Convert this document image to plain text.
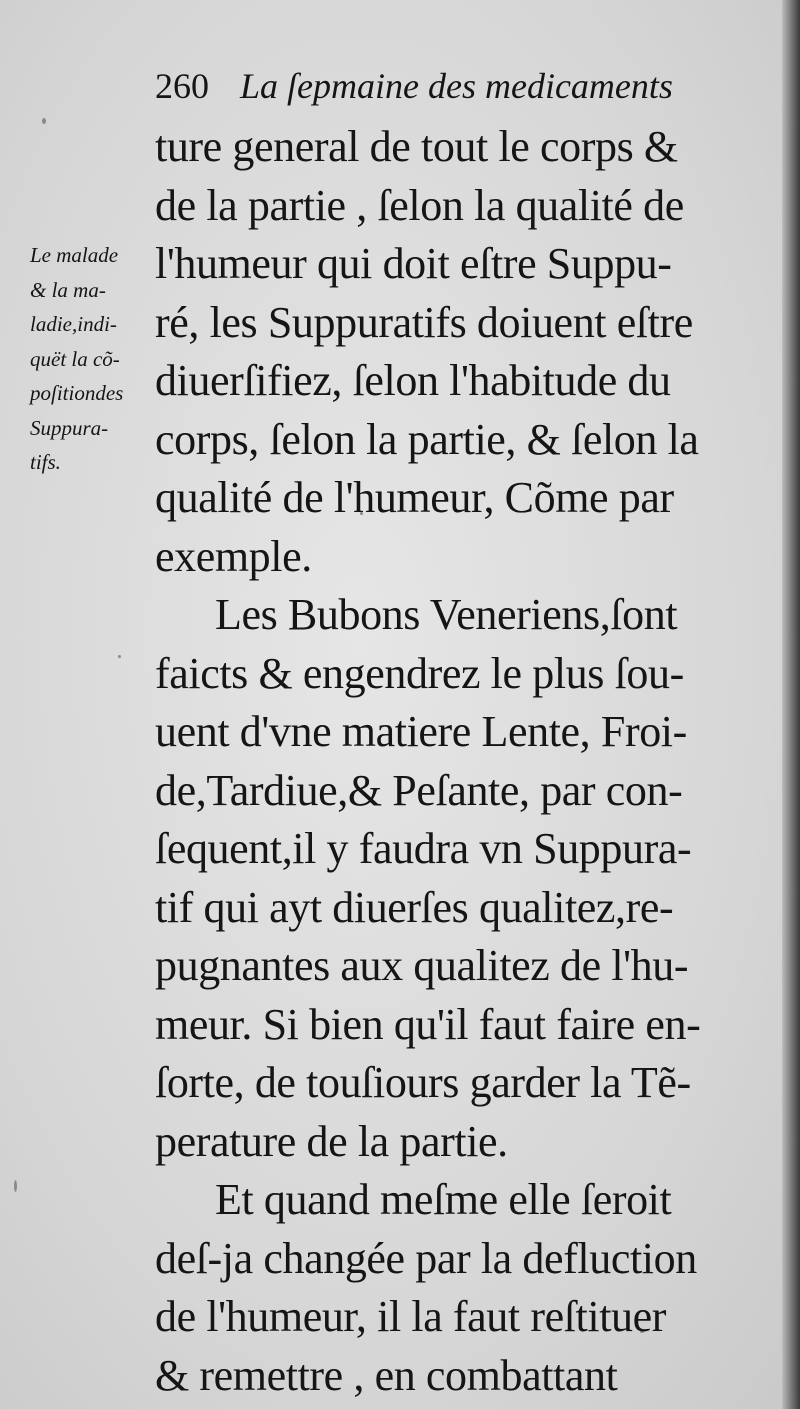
260 La ſepmaine des medicaments
Le malade
& la ma-
ladie,indi-
quët la cõ-
poſitiondes
Suppura-
tifs.
ture general de tout le corps &
de la partie , ſelon la qualité de
l'humeur qui doit eſtre Suppu-
ré, les Suppuratifs doiuent eſtre
diuerſifiez, ſelon l'habitude du
corps, ſelon la partie, & ſelon la
qualité de l'humeur, Cõme par
exemple.
Les Bubons Veneriens,ſont
faicts & engendrez le plus ſou-
uent d'vne matiere Lente, Froi-
de,Tardiue,& Peſante, par con-
ſequent,il y faudra vn Suppura-
tif qui ayt diuerſes qualitez,re-
pugnantes aux qualitez de l'hu-
meur. Si bien qu'il faut faire en-
ſorte, de touſiours garder la Tẽ-
perature de la partie.
Et quand meſme elle ſeroit
deſ-ja changée par la defluction
de l'humeur, il la faut reſtituer
& remettre , en combattant
